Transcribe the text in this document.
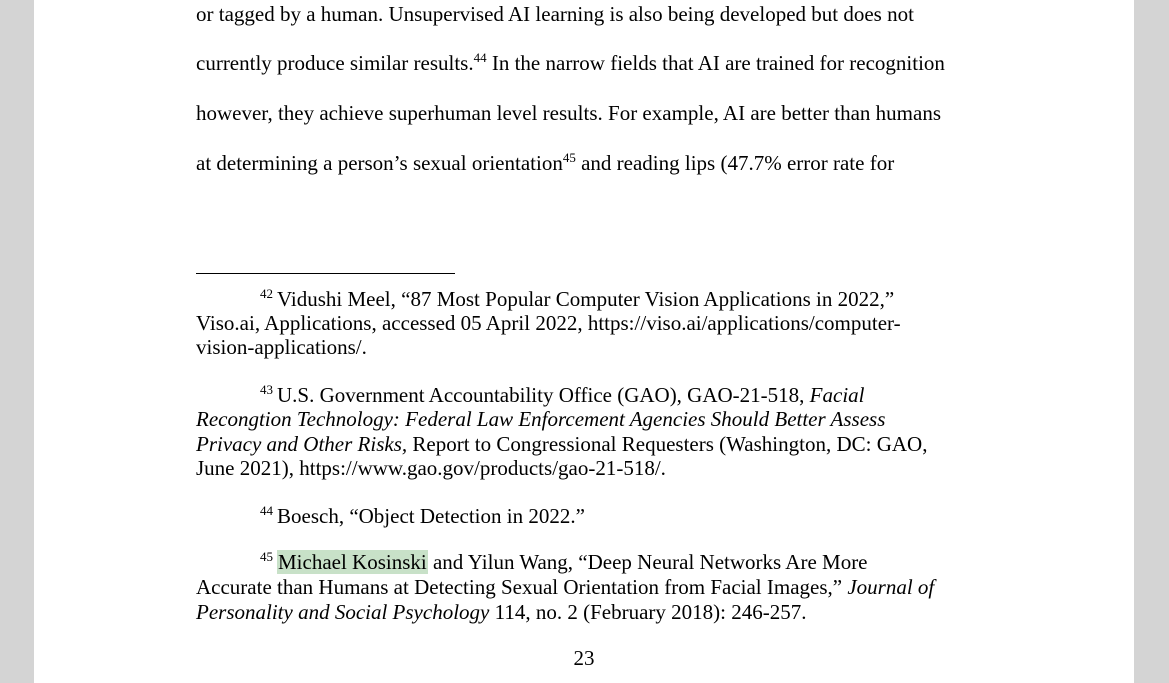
or tagged by a human. Unsupervised AI learning is also being developed but does not
currently produce similar results.$^{44}$ In the narrow fields that AI are trained for recognition
however, they achieve superhuman level results. For example, AI are better than humans
at determining a person’s sexual orientation$^{45}$ and reading lips (47.7% error rate for
$^{42}$ Vidushi Meel, “87 Most Popular Computer Vision Applications in 2022,”
Viso.ai, Applications, accessed 05 April 2022, https://viso.ai/applications/computer-
vision-applications/.
$^{43}$ U.S. Government Accountability Office (GAO), GAO-21-518, Facial
Recongtion Technology: Federal Law Enforcement Agencies Should Better Assess
Privacy and Other Risks, Report to Congressional Requesters (Washington, DC: GAO,
June 2021), https://www.gao.gov/products/gao-21-518/.
$^{44}$ Boesch, “Object Detection in 2022.”
$^{45}$ Michael Kosinski and Yilun Wang, “Deep Neural Networks Are More
Accurate than Humans at Detecting Sexual Orientation from Facial Images,” Journal of
Personality and Social Psychology 114, no. 2 (February 2018): 246-257.
23
